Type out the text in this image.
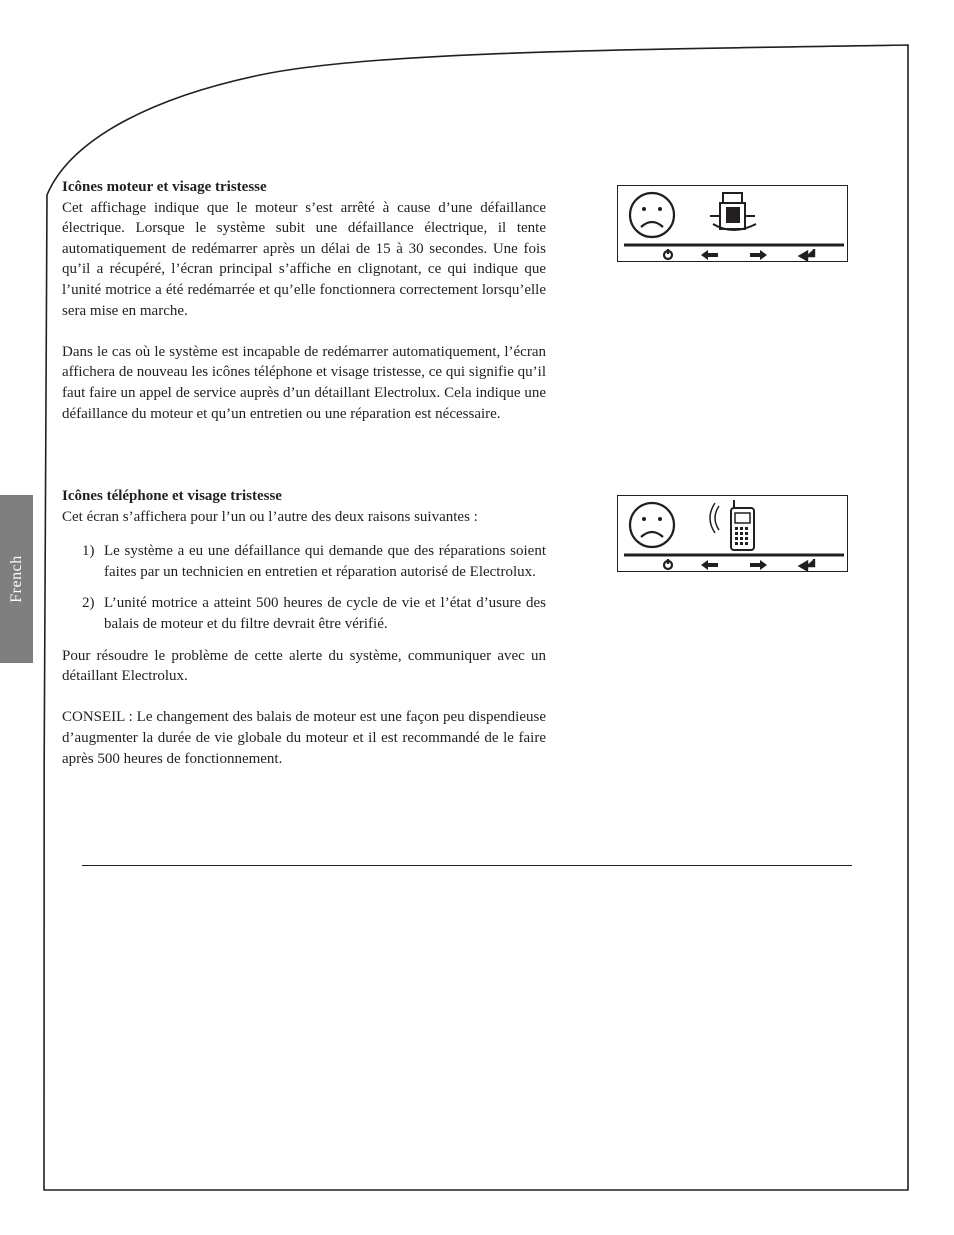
French
Icônes moteur et visage tristesse

Cet affichage indique que le moteur s’est arrêté à cause d’une défaillance électrique. Lorsque le système subit une défaillance électrique, il tente automatiquement de redémarrer après un délai de 15 à 30 secondes. Une fois qu’il a récupéré, l’écran principal s’affiche en clignotant, ce qui indique que l’unité motrice a été redémarrée et qu’elle fonctionnera correctement lorsqu’elle sera mise en marche.

Dans le cas où le système est incapable de redémarrer automatiquement, l’écran affichera de nouveau les icônes téléphone et visage tristesse, ce qui signifie qu’il faut faire un appel de service auprès d’un détaillant Electrolux. Cela indique une défaillance du moteur et qu’un entretien ou une réparation est nécessaire.

Icônes téléphone et visage tristesse

Cet écran s’affichera pour l’un ou l’autre des deux raisons suivantes :

1) Le système a eu une défaillance qui demande que des réparations soient faites par un technicien en entretien et réparation autorisé de Electrolux.
2) L’unité motrice a atteint 500 heures de cycle de vie et l’état d’usure des balais de moteur et du filtre devrait être vérifié.

Pour résoudre le problème de cette alerte du système, communiquer avec un détaillant Electrolux.

CONSEIL : Le changement des balais de moteur est une façon peu dispendieuse d’augmenter la durée de vie globale du moteur et il est recommandé de le faire après 500 heures de fonctionnement.
